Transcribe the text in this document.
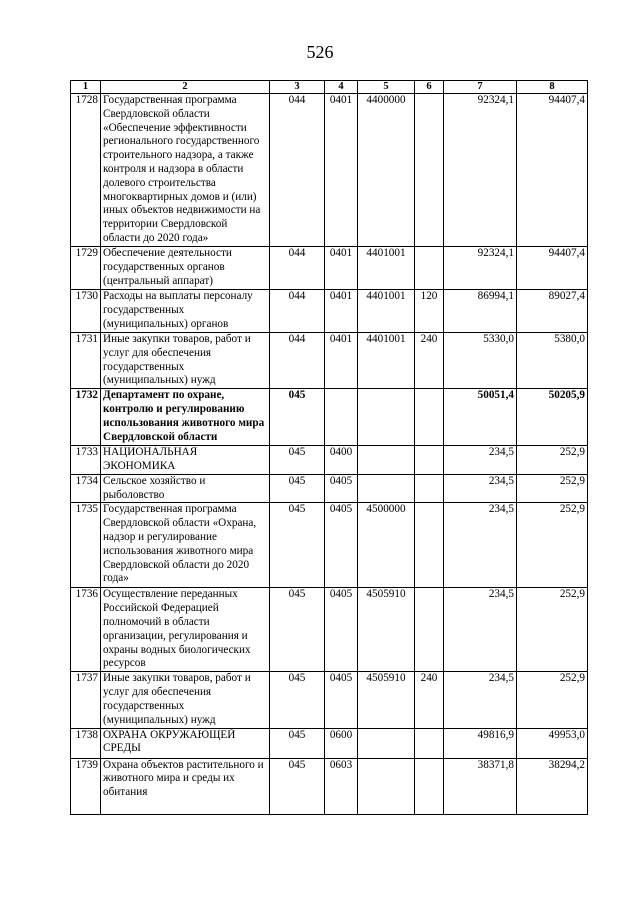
526
1	2	3	4	5	6	7	8
1728	Государственная программа Свердловской области «Обеспечение эффективности регионального государственного строительного надзора, а также контроля и надзора в области долевого строительства многоквартирных домов и (или) иных объектов недвижимости на территории Свердловской области до 2020 года»	044	0401	4400000		92324,1	94407,4
1729	Обеспечение деятельности государственных органов (центральный аппарат)	044	0401	4401001		92324,1	94407,4
1730	Расходы на выплаты персоналу государственных (муниципальных) органов	044	0401	4401001	120	86994,1	89027,4
1731	Иные закупки товаров, работ и услуг для обеспечения государственных (муниципальных) нужд	044	0401	4401001	240	5330,0	5380,0
1732	Департамент по охране, контролю и регулированию использования животного мира Свердловской области	045				50051,4	50205,9
1733	НАЦИОНАЛЬНАЯ ЭКОНОМИКА	045	0400			234,5	252,9
1734	Сельское хозяйство и рыболовство	045	0405			234,5	252,9
1735	Государственная программа Свердловской области «Охрана, надзор и регулирование использования животного мира Свердловской области до 2020 года»	045	0405	4500000		234,5	252,9
1736	Осуществление переданных Российской Федерацией полномочий в области организации, регулирования и охраны водных биологических ресурсов	045	0405	4505910		234,5	252,9
1737	Иные закупки товаров, работ и услуг для обеспечения государственных (муниципальных) нужд	045	0405	4505910	240	234,5	252,9
1738	ОХРАНА ОКРУЖАЮЩЕЙ СРЕДЫ	045	0600			49816,9	49953,0
1739	Охрана объектов растительного и животного мира и среды их обитания	045	0603			38371,8	38294,2
